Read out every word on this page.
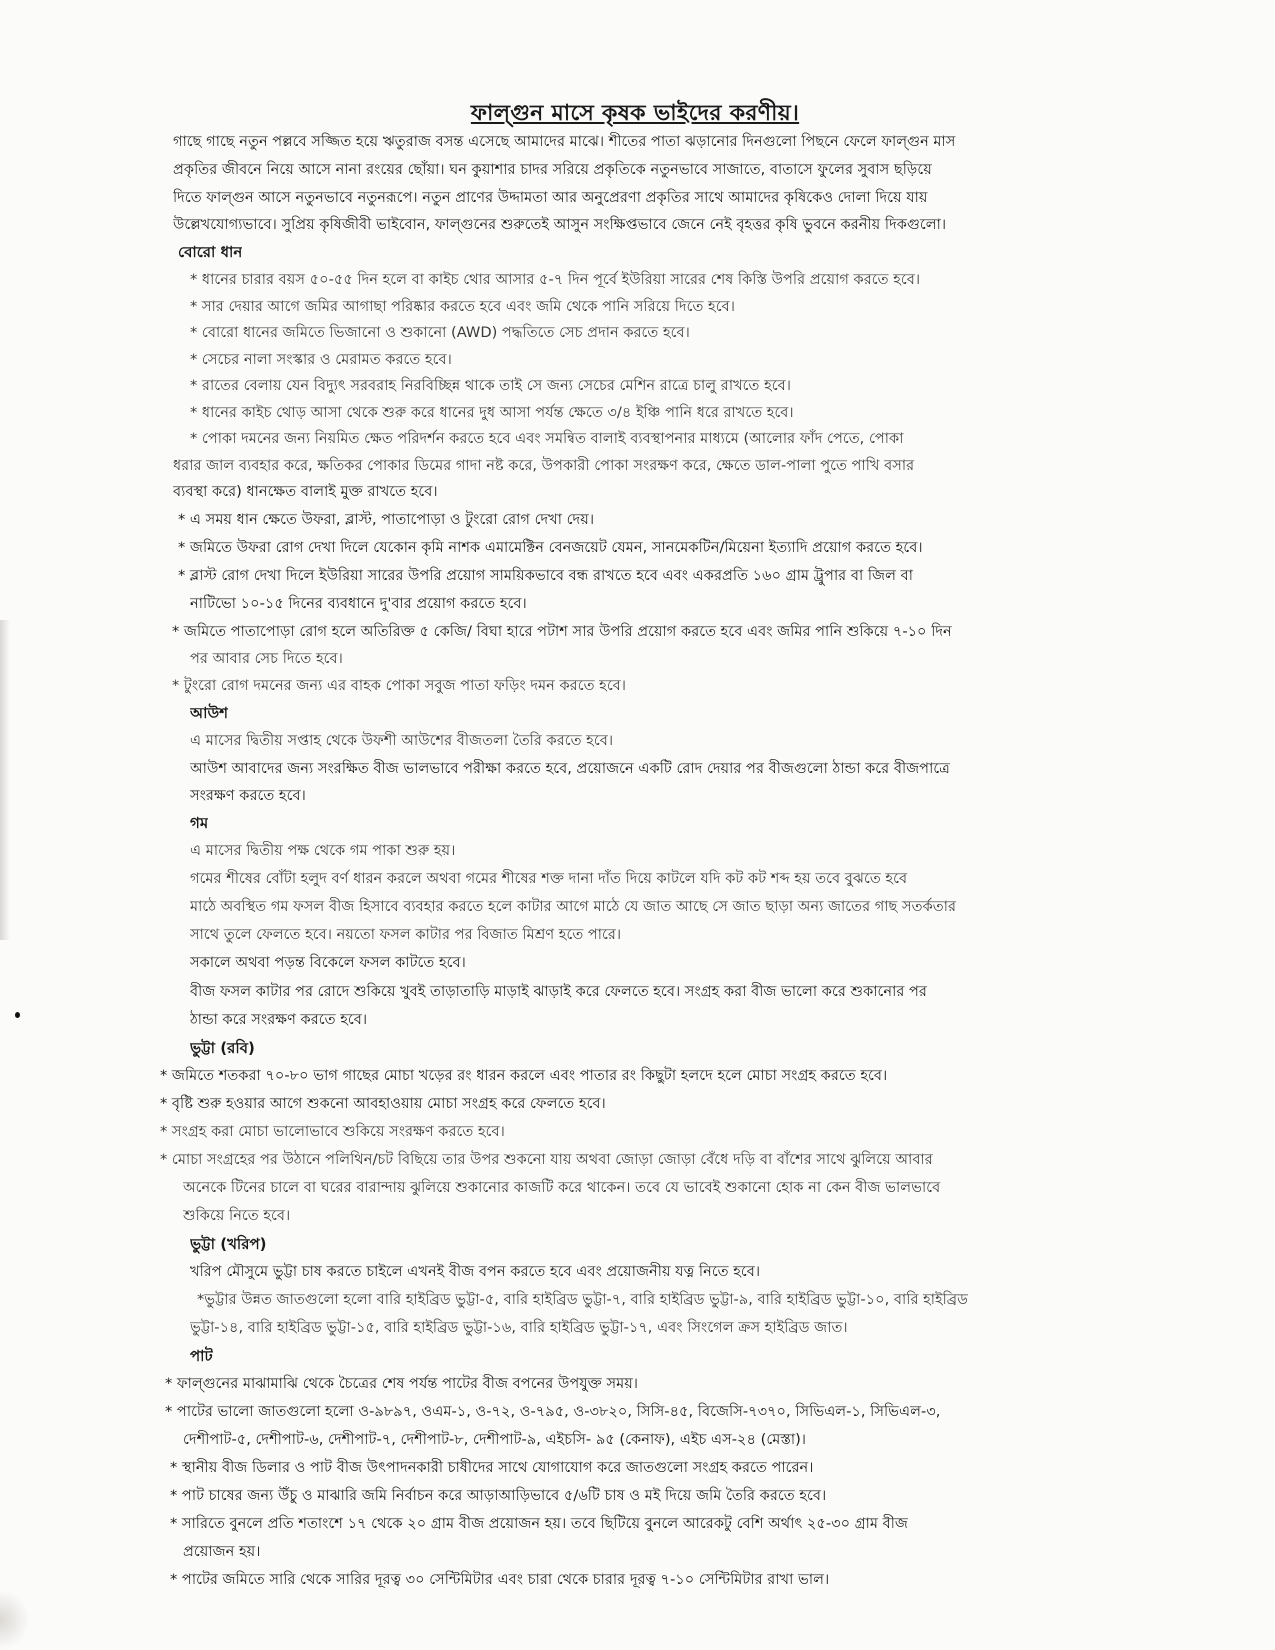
ফাল্গুন মাসে কৃষক ভাইদের করণীয়।
গাছে গাছে নতুন পল্লবে সজ্জিত হয়ে ঋতুরাজ বসন্ত এসেছে আমাদের মাঝে। শীতের পাতা ঝড়ানোর দিনগুলো পিছনে ফেলে ফাল্গুন মাস
প্রকৃতির জীবনে নিয়ে আসে নানা রংয়ের ছোঁয়া। ঘন কুয়াশার চাদর সরিয়ে প্রকৃতিকে নতুনভাবে সাজাতে, বাতাসে ফুলের সুবাস ছড়িয়ে
দিতে ফাল্গুন আসে নতুনভাবে নতুনরূপে। নতুন প্রাণের উদ্দামতা আর অনুপ্রেরণা প্রকৃতির সাথে আমাদের কৃষিকেও দোলা দিয়ে যায়
উল্লেখযোগ্যভাবে। সুপ্রিয় কৃষিজীবী ভাইবোন, ফাল্গুনের শুরুতেই আসুন সংক্ষিপ্তভাবে জেনে নেই বৃহত্তর কৃষি ভুবনে করনীয় দিকগুলো।
বোরো ধান
* ধানের চারার বয়স ৫০-৫৫ দিন হলে বা কাইচ থোর আসার ৫-৭ দিন পূর্বে ইউরিয়া সারের শেষ কিস্তি উপরি প্রয়োগ করতে হবে।
* সার দেয়ার আগে জমির আগাছা পরিষ্কার করতে হবে এবং জমি থেকে পানি সরিয়ে দিতে হবে।
* বোরো ধানের জমিতে ভিজানো ও শুকানো (AWD) পদ্ধতিতে সেচ প্রদান করতে হবে।
* সেচের নালা সংস্কার ও মেরামত করতে হবে।
* রাতের বেলায় যেন বিদ্যুৎ সরবরাহ নিরবিচ্ছিন্ন থাকে তাই সে জন্য সেচের মেশিন রাত্রে চালু রাখতে হবে।
* ধানের কাইচ থোড় আসা থেকে শুরু করে ধানের দুধ আসা পর্যন্ত ক্ষেতে ৩/৪ ইঞ্চি পানি ধরে রাখতে হবে।
* পোকা দমনের জন্য নিয়মিত ক্ষেত পরিদর্শন করতে হবে এবং সমন্বিত বালাই ব্যবস্থাপনার মাধ্যমে (আলোর ফাঁদ পেতে, পোকা
ধরার জাল ব্যবহার করে, ক্ষতিকর পোকার ডিমের গাদা নষ্ট করে, উপকারী পোকা সংরক্ষণ করে, ক্ষেতে ডাল-পালা পুতে পাখি বসার
ব্যবস্থা করে) ধানক্ষেত বালাই মুক্ত রাখতে হবে।
* এ সময় ধান ক্ষেতে উফরা, ব্লাস্ট, পাতাপোড়া ও টুংরো রোগ দেখা দেয়।
* জমিতে উফরা রোগ দেখা দিলে যেকোন কৃমি নাশক এমামেক্টিন বেনজয়েট যেমন, সানমেকটিন/মিয়েনা ইত্যাদি প্রয়োগ করতে হবে।
* ব্লাস্ট রোগ দেখা দিলে ইউরিয়া সারের উপরি প্রয়োগ সাময়িকভাবে বন্ধ রাখতে হবে এবং একরপ্রতি ১৬০ গ্রাম ট্রুপার বা জিল বা
নাটিভো ১০-১৫ দিনের ব্যবধানে দু'বার প্রয়োগ করতে হবে।
* জমিতে পাতাপোড়া রোগ হলে অতিরিক্ত ৫ কেজি/ বিঘা হারে পটাশ সার উপরি প্রয়োগ করতে হবে এবং জমির পানি শুকিয়ে ৭-১০ দিন
পর আবার সেচ দিতে হবে।
* টুংরো রোগ দমনের জন্য এর বাহক পোকা সবুজ পাতা ফড়িং দমন করতে হবে।
আউশ
এ মাসের দ্বিতীয় সপ্তাহ থেকে উফশী আউশের বীজতলা তৈরি করতে হবে।
আউশ আবাদের জন্য সংরক্ষিত বীজ ভালভাবে পরীক্ষা করতে হবে, প্রয়োজনে একটি রোদ দেয়ার পর বীজগুলো ঠান্ডা করে বীজপাত্রে
সংরক্ষণ করতে হবে।
গম
এ মাসের দ্বিতীয় পক্ষ থেকে গম পাকা শুরু হয়।
গমের শীষের বোঁটা হলুদ বর্ণ ধারন করলে অথবা গমের শীষের শক্ত দানা দাঁত দিয়ে কাটলে যদি কট কট শব্দ হয় তবে বুঝতে হবে
মাঠে অবস্থিত গম ফসল বীজ হিসাবে ব্যবহার করতে হলে কাটার আগে মাঠে যে জাত আছে সে জাত ছাড়া অন্য জাতের গাছ সতর্কতার
সাথে তুলে ফেলতে হবে। নয়তো ফসল কাটার পর বিজাত মিশ্রণ হতে পারে।
সকালে অথবা পড়ন্ত বিকেলে ফসল কাটতে হবে।
বীজ ফসল কাটার পর রোদে শুকিয়ে খুবই তাড়াতাড়ি মাড়াই ঝাড়াই করে ফেলতে হবে। সংগ্রহ করা বীজ ভালো করে শুকানোর পর
ঠান্ডা করে সংরক্ষণ করতে হবে।
ভুট্টা (রবি)
* জমিতে শতকরা ৭০-৮০ ভাগ গাছের মোচা খড়ের রং ধারন করলে এবং পাতার রং কিছুটা হলদে হলে মোচা সংগ্রহ করতে হবে।
* বৃষ্টি শুরু হওয়ার আগে শুকনো আবহাওয়ায় মোচা সংগ্রহ করে ফেলতে হবে।
* সংগ্রহ করা মোচা ভালোভাবে শুকিয়ে সংরক্ষণ করতে হবে।
* মোচা সংগ্রহের পর উঠানে পলিথিন/চট বিছিয়ে তার উপর শুকনো যায় অথবা জোড়া জোড়া বেঁধে দড়ি বা বাঁশের সাথে ঝুলিয়ে আবার
অনেকে টিনের চালে বা ঘরের বারান্দায় ঝুলিয়ে শুকানোর কাজটি করে থাকেন। তবে যে ভাবেই শুকানো হোক না কেন বীজ ভালভাবে
শুকিয়ে নিতে হবে।
ভুট্টা (খরিপ)
খরিপ মৌসুমে ভুট্টা চাষ করতে চাইলে এখনই বীজ বপন করতে হবে এবং প্রয়োজনীয় যত্ন নিতে হবে।
*ভুট্টার উন্নত জাতগুলো হলো বারি হাইব্রিড ভুট্টা-৫, বারি হাইব্রিড ভুট্টা-৭, বারি হাইব্রিড ভুট্টা-৯, বারি হাইব্রিড ভুট্টা-১০, বারি হাইব্রিড
ভুট্টা-১৪, বারি হাইব্রিড ভুট্টা-১৫, বারি হাইব্রিড ভুট্টা-১৬, বারি হাইব্রিড ভুট্টা-১৭, এবং সিংগেল ক্রস হাইব্রিড জাত।
পাট
* ফাল্গুনের মাঝামাঝি থেকে চৈত্রের শেষ পর্যন্ত পাটের বীজ বপনের উপযুক্ত সময়।
* পাটের ভালো জাতগুলো হলো ও-৯৮৯৭, ওএম-১, ও-৭২, ও-৭৯৫, ও-৩৮২০, সিসি-৪৫, বিজেসি-৭৩৭০, সিভিএল-১, সিভিএল-৩,
দেশীপাট-৫, দেশীপাট-৬, দেশীপাট-৭, দেশীপাট-৮, দেশীপাট-৯, এইচসি- ৯৫ (কেনাফ), এইচ এস-২৪ (মেস্তা)।
* স্থানীয় বীজ ডিলার ও পাট বীজ উৎপাদনকারী চাষীদের সাথে যোগাযোগ করে জাতগুলো সংগ্রহ করতে পারেন।
* পাট চাষের জন্য উঁচু ও মাঝারি জমি নির্বাচন করে আড়াআড়িভাবে ৫/৬টি চাষ ও মই দিয়ে জমি তৈরি করতে হবে।
* সারিতে বুনলে প্রতি শতাংশে ১৭ থেকে ২০ গ্রাম বীজ প্রয়োজন হয়। তবে ছিটিয়ে বুনলে আরেকটু বেশি অর্থাৎ ২৫-৩০ গ্রাম বীজ
প্রয়োজন হয়।
* পাটের জমিতে সারি থেকে সারির দূরত্ব ৩০ সেন্টিমিটার এবং চারা থেকে চারার দূরত্ব ৭-১০ সেন্টিমিটার রাখা ভাল।
